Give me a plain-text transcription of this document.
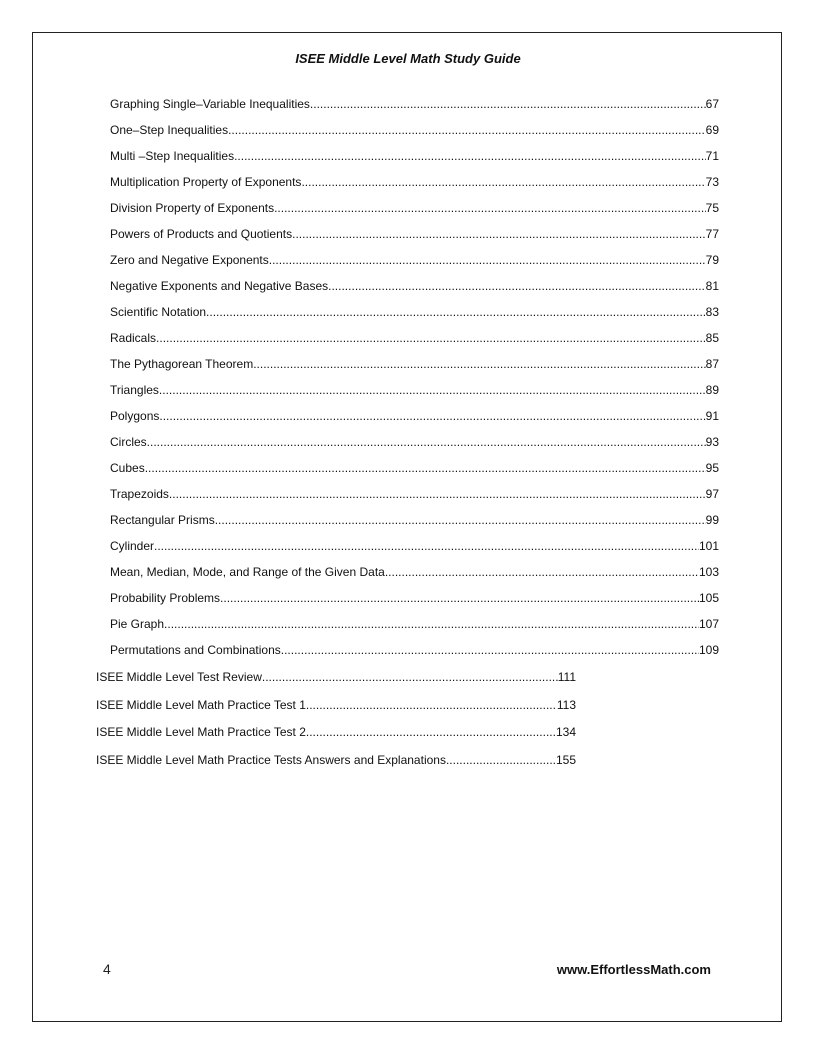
ISEE Middle Level Math Study Guide
Graphing Single–Variable Inequalities .....	67
One–Step Inequalities .....	69
Multi –Step Inequalities .....	71
Multiplication Property of Exponents .....	73
Division Property of Exponents .....	75
Powers of Products and Quotients .....	77
Zero and Negative Exponents .....	79
Negative Exponents and Negative Bases .....	81
Scientific Notation .....	83
Radicals .....	85
The Pythagorean Theorem .....	87
Triangles .....	89
Polygons .....	91
Circles .....	93
Cubes .....	95
Trapezoids .....	97
Rectangular Prisms .....	99
Cylinder .....	101
Mean, Median, Mode, and Range of the Given Data .....	103
Probability Problems .....	105
Pie Graph .....	107
Permutations and Combinations .....	109
ISEE Middle Level Test Review .....	111
ISEE Middle Level Math Practice Test 1 .....	113
ISEE Middle Level Math Practice Test 2 .....	134
ISEE Middle Level Math Practice Tests Answers and Explanations .....	155
4	www.EffortlessMath.com
